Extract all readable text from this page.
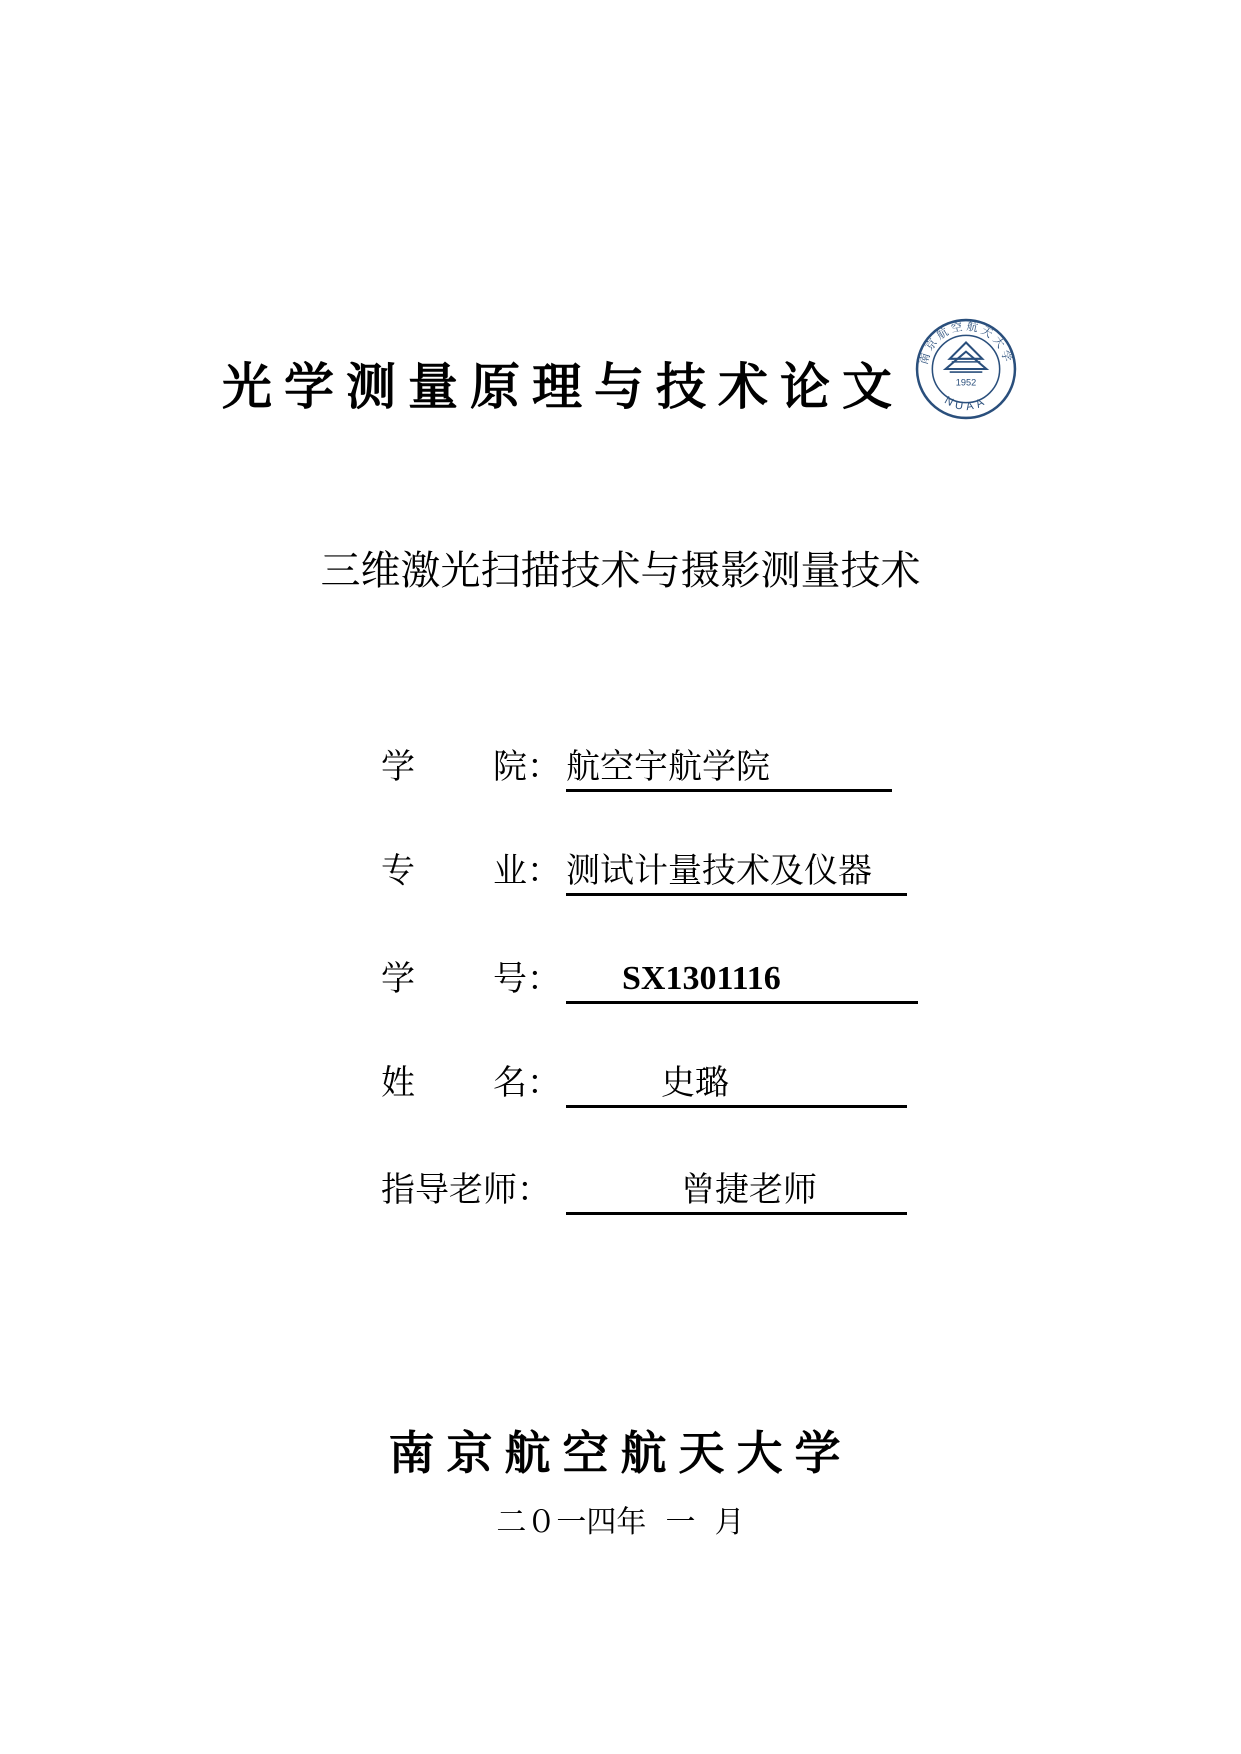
光学测量原理与技术论文
南京航空航天大学
NUAA
1952
三维激光扫描技术与摄影测量技术
学 院： 航空宇航学院
专 业： 测试计量技术及仪器
学 号： SX1301116
姓 名：	史璐
指导老师：	曾捷老师
南京航空航天大学
二０一四年  一  月
